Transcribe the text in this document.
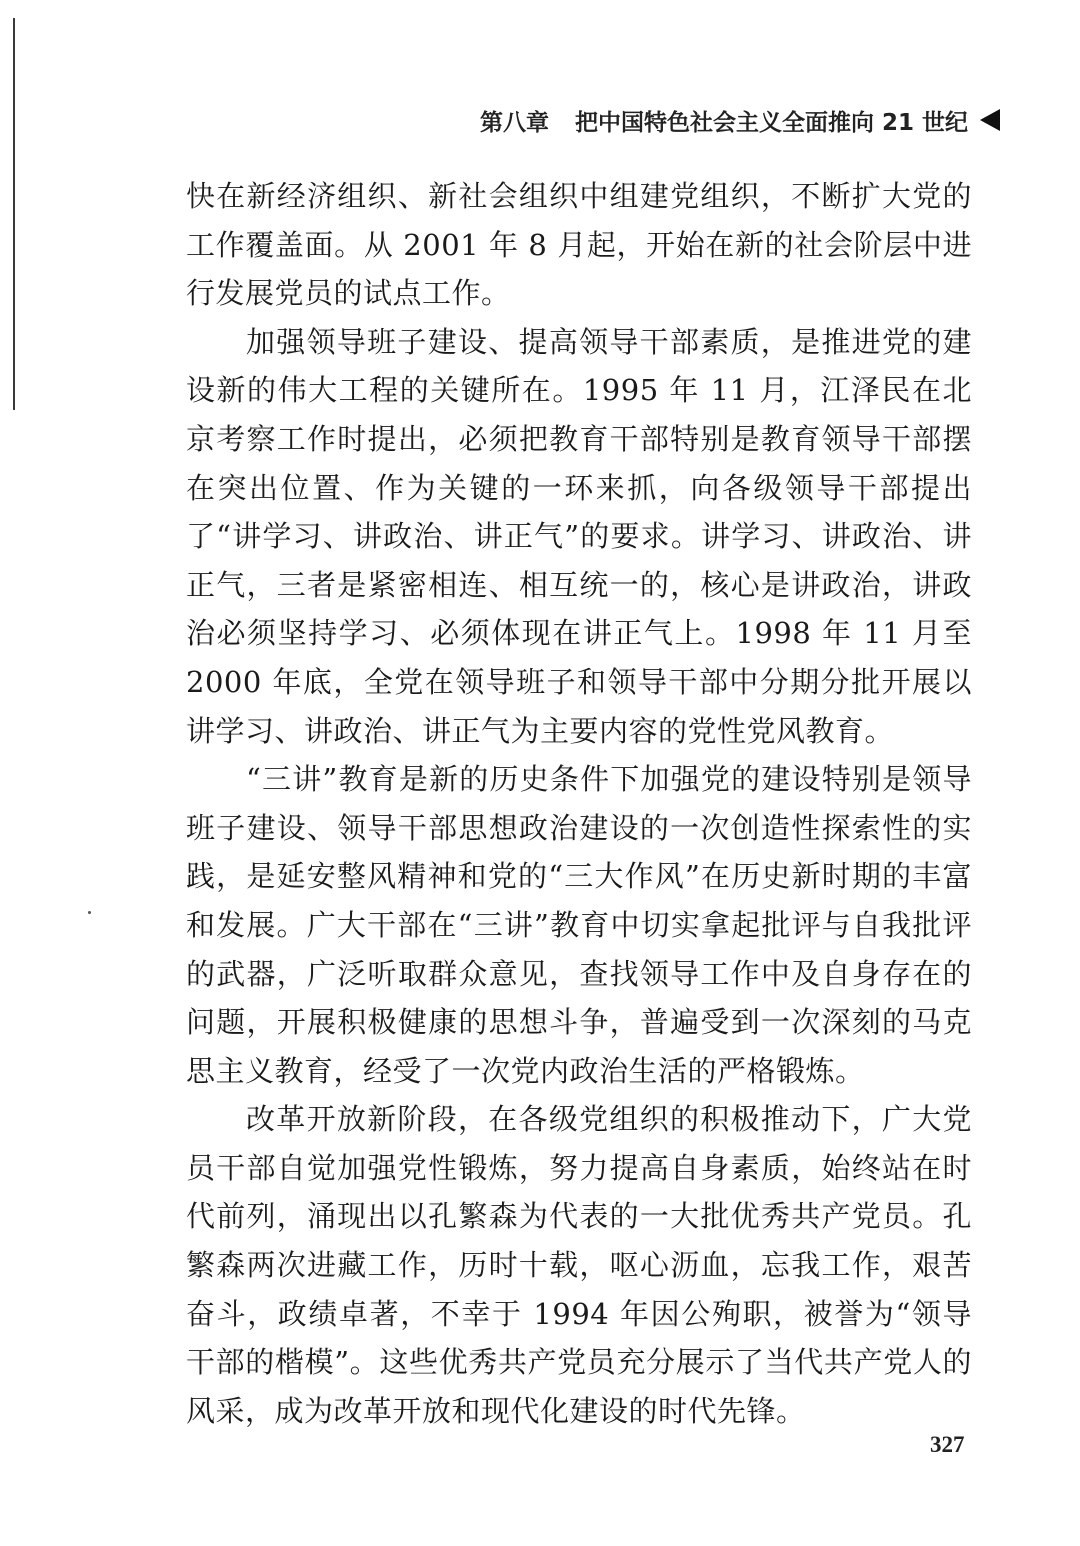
第八章 把中国特色社会主义全面推向 21 世纪

快在新经济组织、新社会组织中组建党组织，不断扩大党的工作覆盖面。从 2001 年 8 月起，开始在新的社会阶层中进行发展党员的试点工作。

加强领导班子建设、提高领导干部素质，是推进党的建设新的伟大工程的关键所在。1995 年 11 月，江泽民在北京考察工作时提出，必须把教育干部特别是教育领导干部摆在突出位置、作为关键的一环来抓，向各级领导干部提出了“讲学习、讲政治、讲正气”的要求。讲学习、讲政治、讲正气，三者是紧密相连、相互统一的，核心是讲政治，讲政治必须坚持学习、必须体现在讲正气上。1998 年 11 月至 2000 年底，全党在领导班子和领导干部中分期分批开展以讲学习、讲政治、讲正气为主要内容的党性党风教育。

“三讲”教育是新的历史条件下加强党的建设特别是领导班子建设、领导干部思想政治建设的一次创造性探索性的实践，是延安整风精神和党的“三大作风”在历史新时期的丰富和发展。广大干部在“三讲”教育中切实拿起批评与自我批评的武器，广泛听取群众意见，查找领导工作中及自身存在的问题，开展积极健康的思想斗争，普遍受到一次深刻的马克思主义教育，经受了一次党内政治生活的严格锻炼。

改革开放新阶段，在各级党组织的积极推动下，广大党员干部自觉加强党性锻炼，努力提高自身素质，始终站在时代前列，涌现出以孔繁森为代表的一大批优秀共产党员。孔繁森两次进藏工作，历时十载，呕心沥血，忘我工作，艰苦奋斗，政绩卓著，不幸于 1994 年因公殉职，被誉为“领导干部的楷模”。这些优秀共产党员充分展示了当代共产党人的风采，成为改革开放和现代化建设的时代先锋。

327
